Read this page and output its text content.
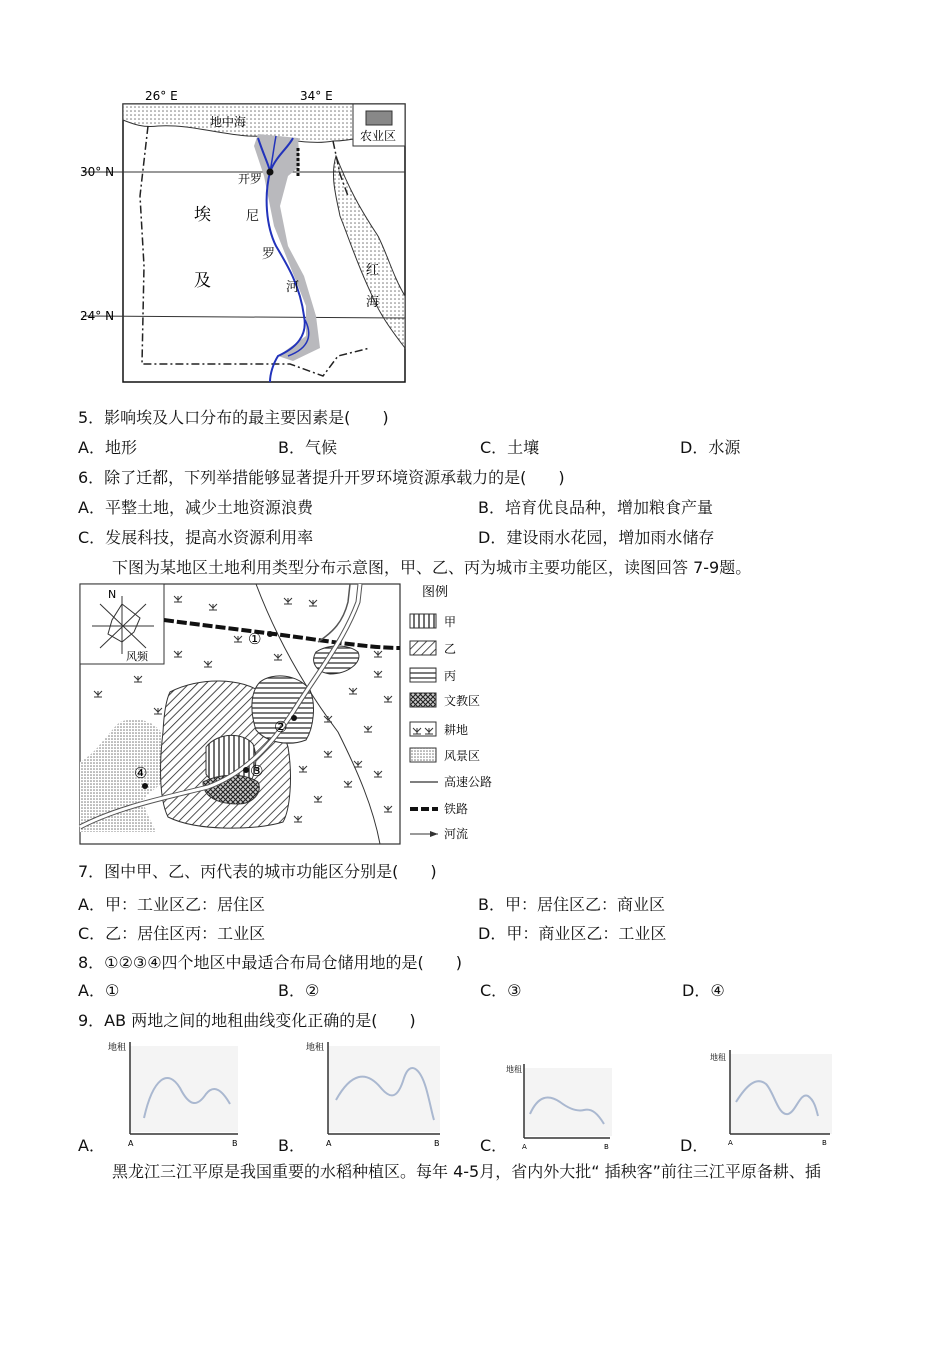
农业区
26° E	34° E
30° N
24° N
地中海
开罗
埃
及
尼
罗
河
红
海
5．影响埃及人口分布的最主要因素是(　　)
A．地形	B．气候	C．土壤	D．水源
6．除了迁都，下列举措能够显著提升开罗环境资源承载力的是(　　)
A．平整土地，减少土地资源浪费	B．培育优良品种，增加粮食产量
C．发展科技，提高水资源利用率	D．建设雨水花园，增加雨水储存
下图为某地区土地利用类型分布示意图，甲、乙、丙为城市主要功能区，读图回答 7-9题。
N
风频
①
②
③
④
图例
甲
乙
丙
文教区
耕地
风景区
高速公路
铁路
河流
7．图中甲、乙、丙代表的城市功能区分别是(　　)
A．甲：工业区乙：居住区	B．甲：居住区乙：商业区
C．乙：居住区丙：工业区	D．甲：商业区乙：工业区
8．①②③④四个地区中最适合布局仓储用地的是(　　)
A．①	B．②	C．③	D．④
9．AB 两地之间的地租曲线变化正确的是(　　)
A．	B．	C．	D．
地租
A	B
地租
A	B
地租
A	B
地租
A	B
黑龙江三江平原是我国重要的水稻种植区。每年 4-5月，省内外大批“ 插秧客”前往三江平原备耕、插
